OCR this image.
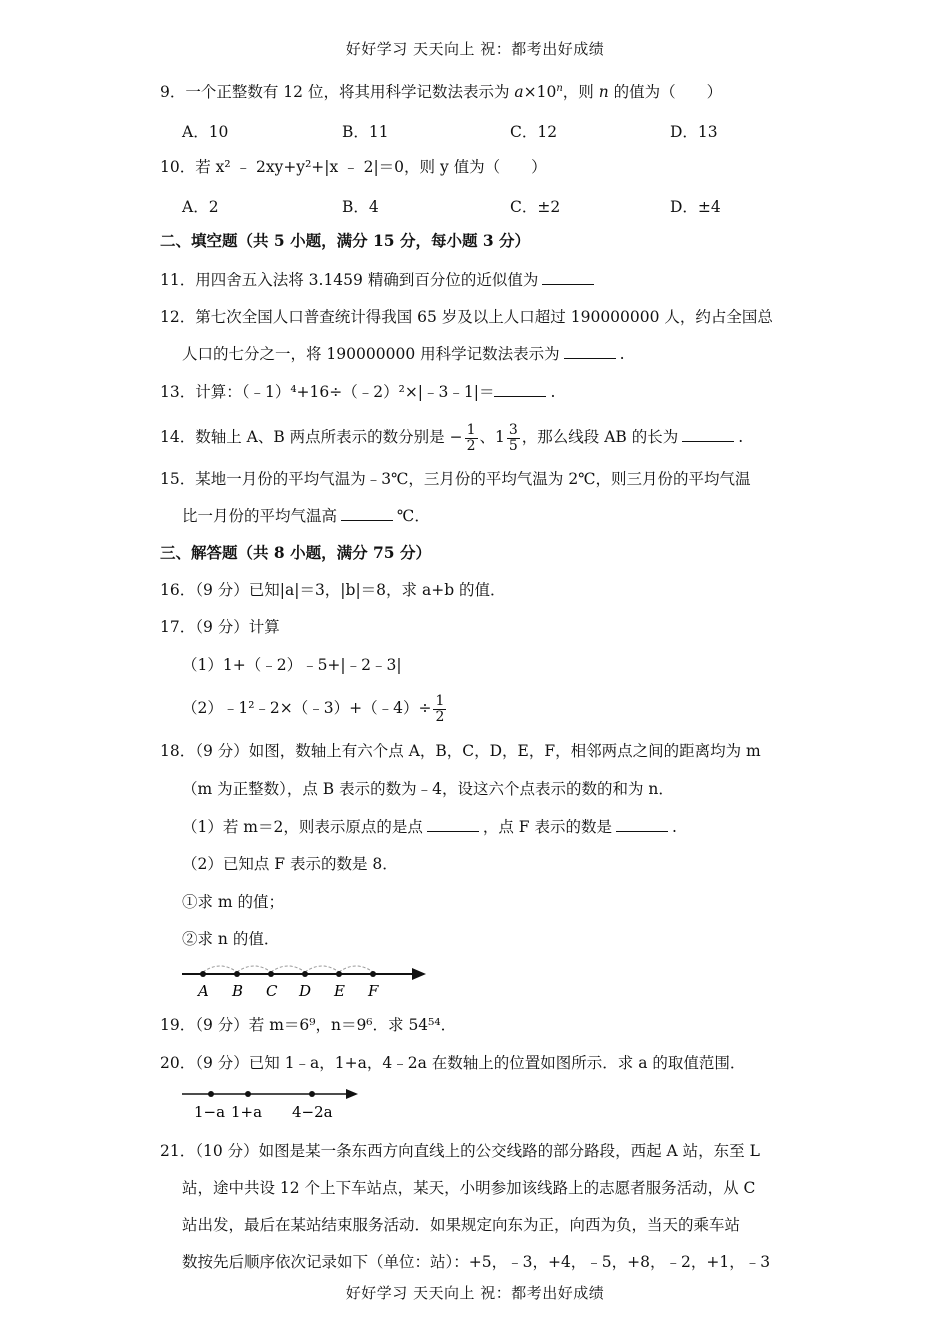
好好学习 天天向上 祝：都考出好成绩
9．一个正整数有 12 位，将其用科学记数法表示为 $a\times 10^n$，则 n 的值为（　　）
A．10	B．11	C．12	D．13
10．若 x² ﹣ 2xy+y²+|x ﹣ 2|＝0，则 y 值为（　　）
A．2	B．4	C．±2	D．±4
二、填空题（共 5 小题，满分 15 分，每小题 3 分）
11．用四舍五入法将 3.1459 精确到百分位的近似值为
12．第七次全国人口普查统计得我国 65 岁及以上人口超过 190000000 人，约占全国总
人口的七分之一，将 190000000 用科学记数法表示为	.
13．计算：（﹣1）⁴+16÷（﹣2）²×|﹣3﹣1|＝	.
14．数轴上 A、B 两点所表示的数分别是 − $\frac{1}{2}$ 、$1 \frac{3}{5}$ ，那么线段 AB 的长为	.
15．某地一月份的平均气温为﹣3℃，三月份的平均气温为 2℃，则三月份的平均气温
比一月份的平均气温高	℃．
三、解答题（共 8 小题，满分 75 分）
16．（9 分）已知|a|＝3，|b|＝8，求 a+b 的值．
17．（9 分）计算
（1）1+（﹣2）﹣5+|﹣2﹣3|
（2）﹣1²﹣2×（﹣3）+（﹣4）÷ $\frac{1}{2}$
18．（9 分）如图，数轴上有六个点 A，B，C，D，E，F，相邻两点之间的距离均为 m
（m 为正整数），点 B 表示的数为﹣4，设这六个点表示的数的和为 n．
（1）若 m＝2，则表示原点的是点	，点 F 表示的数是	.
（2）已知点 F 表示的数是 8．
①求 m 的值；
②求 n 的值．
A B C D E F
19．（9 分）若 m＝6⁹，n＝9⁶．求 54⁵⁴．
20．（9 分）已知 1﹣a，1+a，4﹣2a 在数轴上的位置如图所示．求 a 的取值范围．
1−a 1+a 4−2a
21．（10 分）如图是某一条东西方向直线上的公交线路的部分路段，西起 A 站，东至 L
站，途中共设 12 个上下车站点，某天，小明参加该线路上的志愿者服务活动，从 C
站出发，最后在某站结束服务活动．如果规定向东为正，向西为负，当天的乘车站
数按先后顺序依次记录如下（单位：站）：+5，﹣3，+4，﹣5，+8，﹣2，+1，﹣3
好好学习 天天向上 祝：都考出好成绩
